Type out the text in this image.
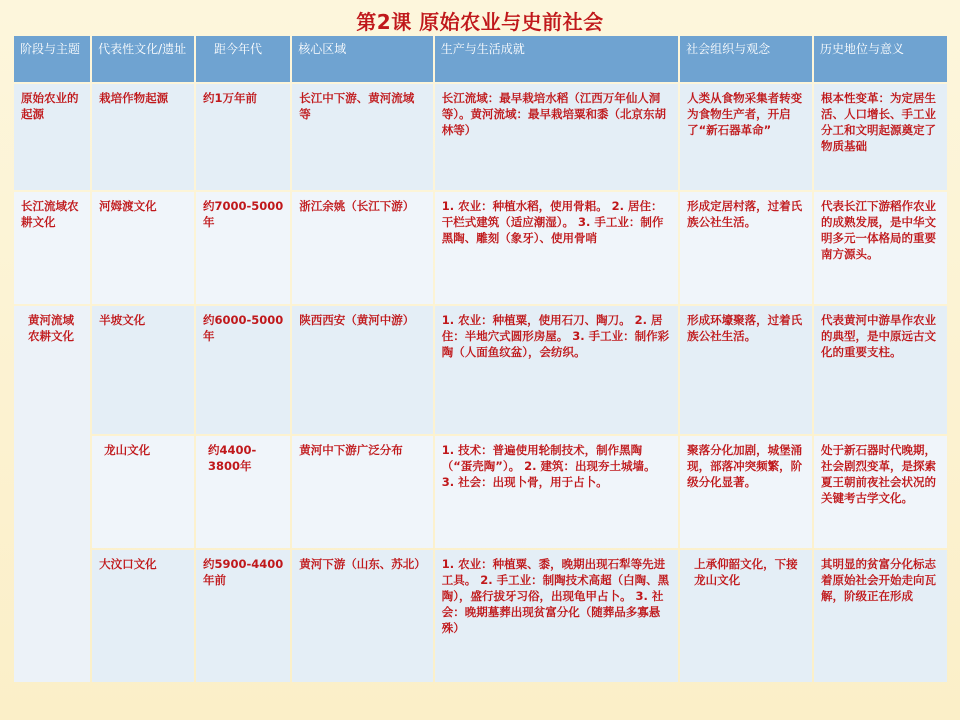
第2课 原始农业与史前社会
阶段与主题	代表性文化/遗址	距今年代	核心区域	生产与生活成就	社会组织与观念	历史地位与意义
原始农业的起源	栽培作物起源	约1万年前	长江中下游、黄河流域等	长江流域：最早栽培水稻（江西万年仙人洞等）。黄河流域：最早栽培粟和黍（北京东胡林等）	人类从食物采集者转变为食物生产者，开启了“新石器革命”	根本性变革：为定居生活、人口增长、手工业分工和文明起源奠定了物质基础
长江流域农耕文化	河姆渡文化	约7000-5000年	浙江余姚（长江下游）	1. 农业：种植水稻，使用骨耜。 2. 居住：干栏式建筑（适应潮湿）。 3. 手工业：制作黑陶、雕刻（象牙）、使用骨哨	形成定居村落，过着氏族公社生活。	代表长江下游稻作农业的成熟发展，是中华文明多元一体格局的重要南方源头。
黄河流域农耕文化	半坡文化	约6000-5000年	陕西西安（黄河中游）	1. 农业：种植粟，使用石刀、陶刀。 2. 居住：半地穴式圆形房屋。 3. 手工业：制作彩陶（人面鱼纹盆），会纺织。	形成环壕聚落，过着氏族公社生活。	代表黄河中游旱作农业的典型，是中原远古文化的重要支柱。
	龙山文化	约4400-3800年	黄河中下游广泛分布	1. 技术：普遍使用轮制技术，制作黑陶（“蛋壳陶”）。 2. 建筑：出现夯土城墙。 3. 社会：出现卜骨，用于占卜。	聚落分化加剧，城堡涌现，部落冲突频繁，阶级分化显著。	处于新石器时代晚期，社会剧烈变革，是探索夏王朝前夜社会状况的关键考古学文化。
	大汶口文化	约5900-4400年前	黄河下游（山东、苏北）	1. 农业：种植粟、黍，晚期出现石犁等先进工具。 2. 手工业：制陶技术高超（白陶、黑陶），盛行拔牙习俗，出现龟甲占卜。 3. 社会：晚期墓葬出现贫富分化（随葬品多寡悬殊）	上承仰韶文化，下接龙山文化	其明显的贫富分化标志着原始社会开始走向瓦解，阶级正在形成
